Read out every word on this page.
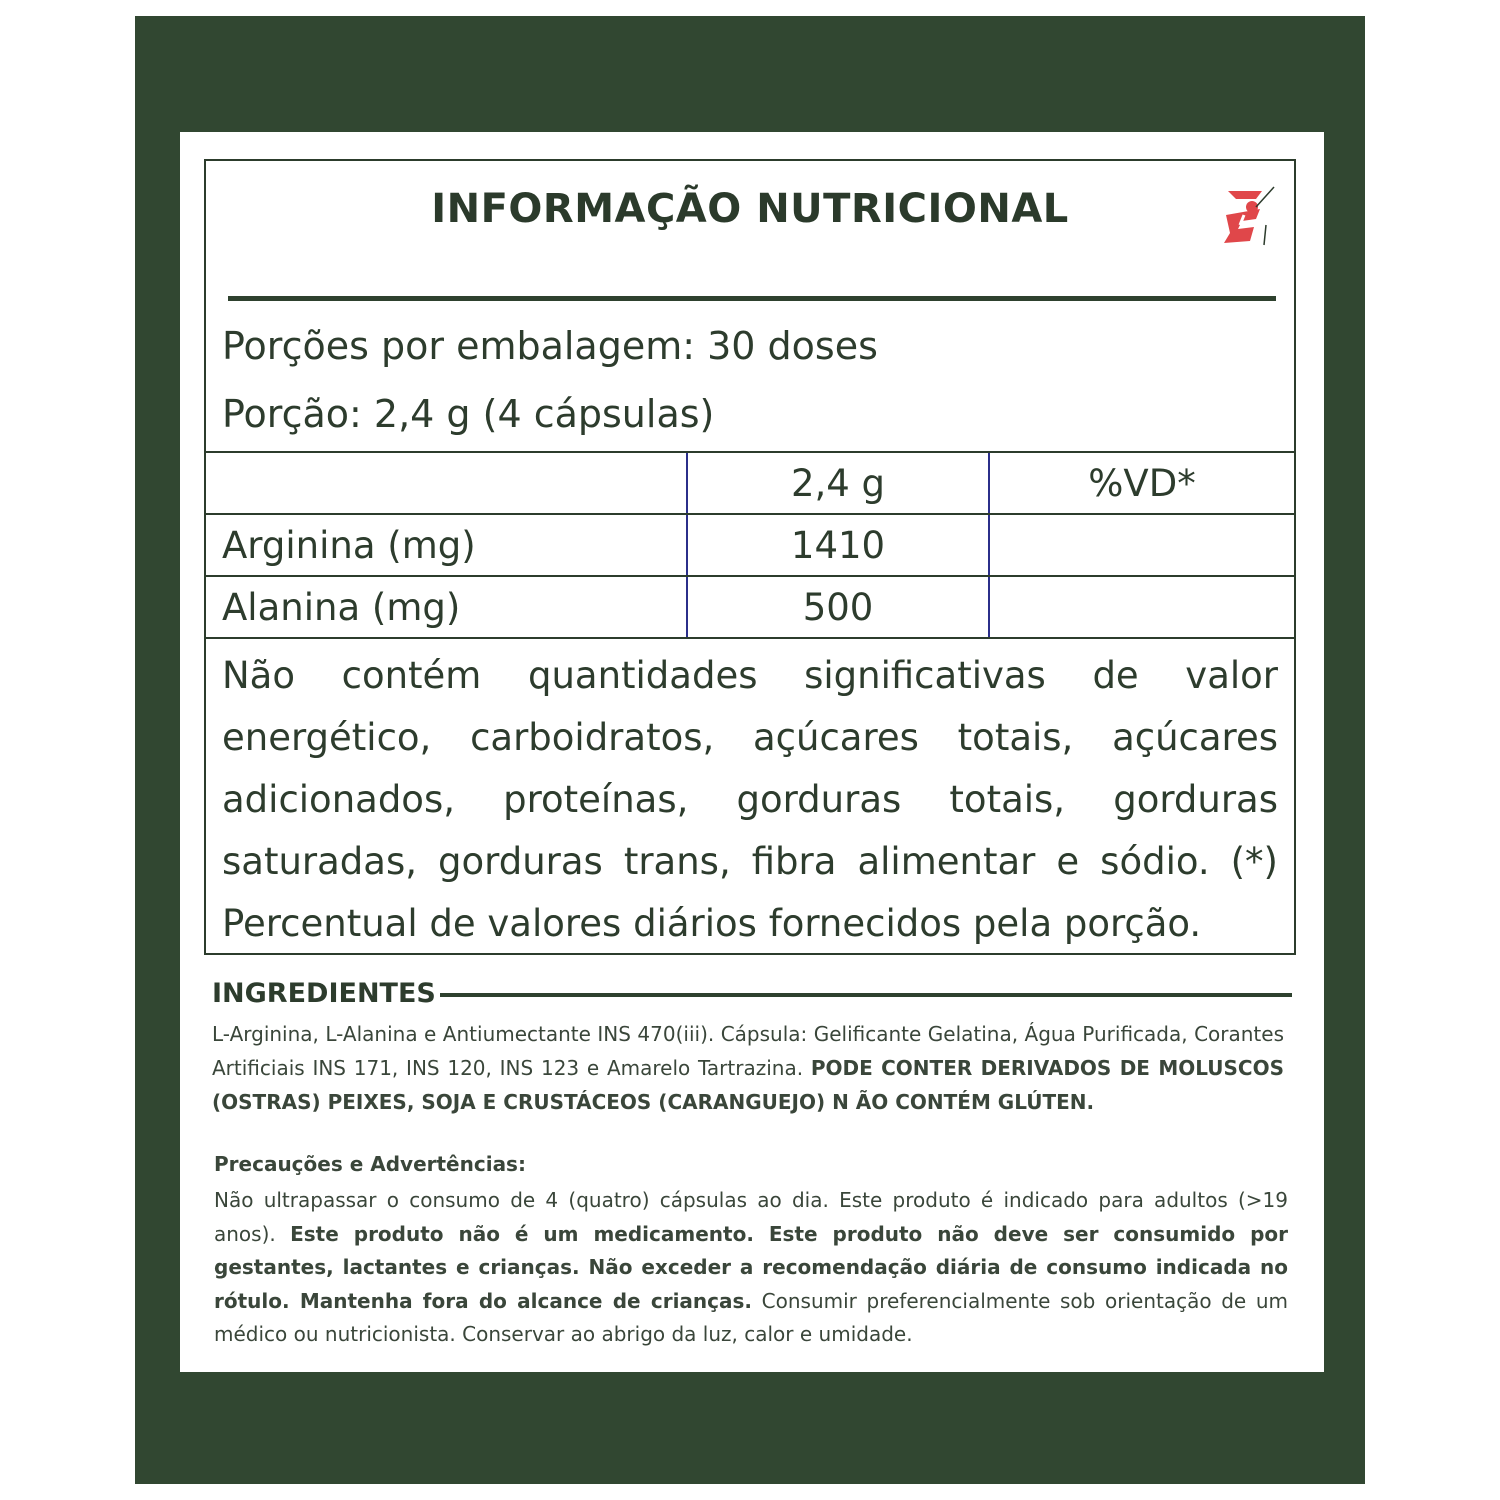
INFORMAÇÃO NUTRICIONAL
Porções por embalagem: 30 doses
Porção: 2,4 g (4 cápsulas)
	2,4 g	%VD*
Arginina (mg)	1410	
Alanina (mg)	500	
Não contém quantidades significativas de valor energético, carboidratos, açúcares totais, açúcares adicionados, proteínas, gorduras totais, gorduras saturadas, gorduras trans, fibra alimentar e sódio. (*) Percentual de valores diários fornecidos pela porção.
INGREDIENTES
L-Arginina, L-Alanina e Antiumectante INS 470(iii). Cápsula: Gelificante Gelatina, Água Purificada, Corantes Artificiais INS 171, INS 120, INS 123 e Amarelo Tartrazina. PODE CONTER DERIVADOS DE MOLUSCOS (OSTRAS) PEIXES, SOJA E CRUSTÁCEOS (CARANGUEJO) N ÃO CONTÉM GLÚTEN.
Precauções e Advertências:
Não ultrapassar o consumo de 4 (quatro) cápsulas ao dia. Este produto é indicado para adultos (>19 anos). Este produto não é um medicamento. Este produto não deve ser consumido por gestantes, lactantes e crianças. Não exceder a recomendação diária de consumo indicada no rótulo. Mantenha fora do alcance de crianças. Consumir preferencialmente sob orientação de um médico ou nutricionista. Conservar ao abrigo da luz, calor e umidade.
